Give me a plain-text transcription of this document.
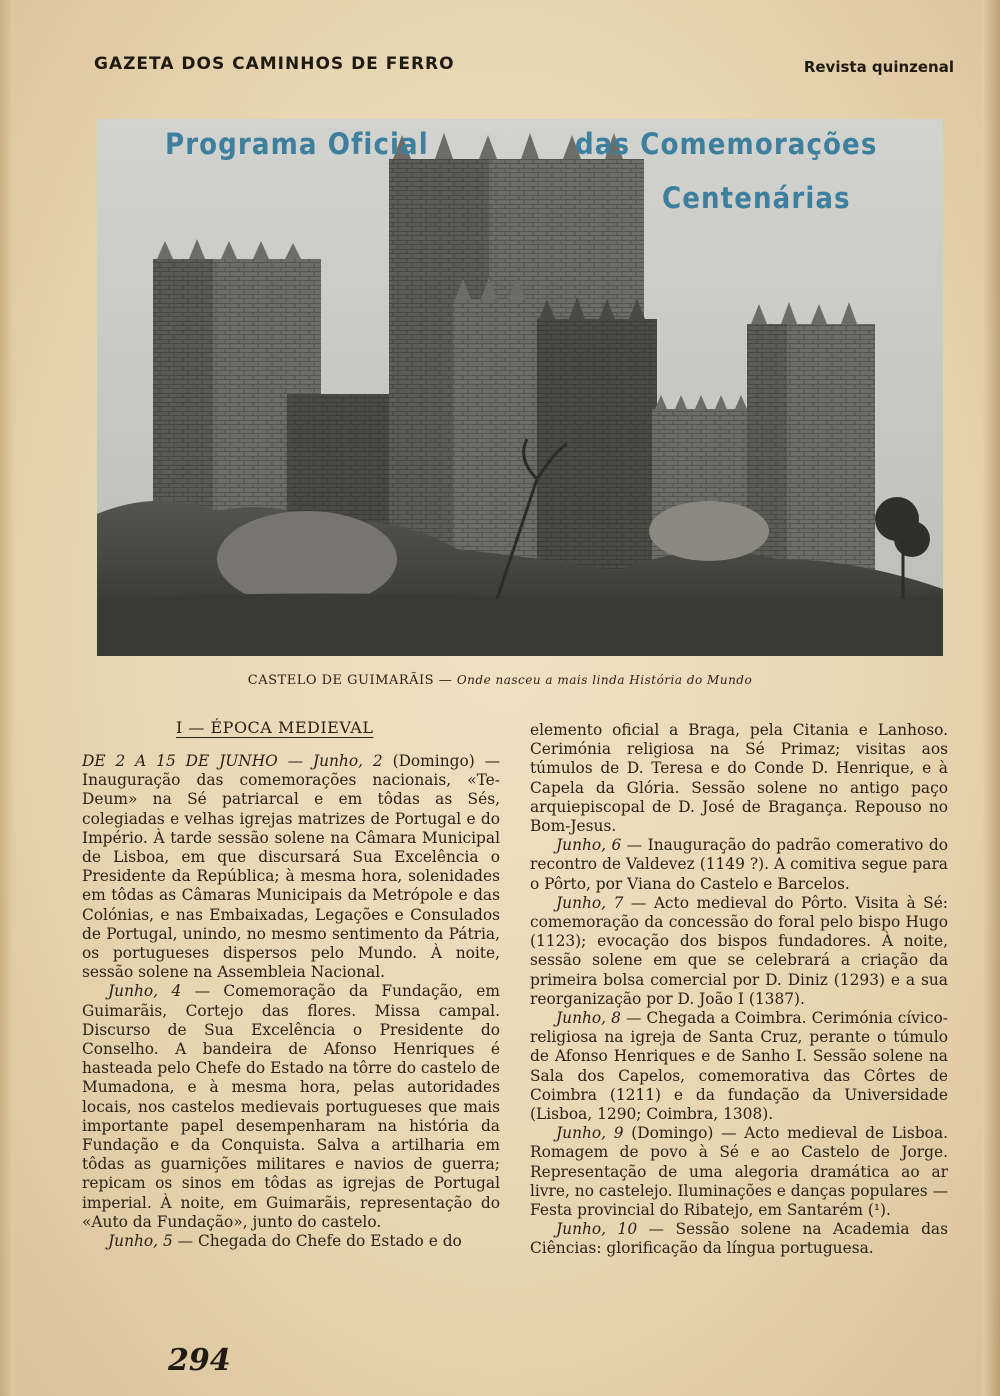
GAZETA DOS CAMINHOS DE FERRO	Revista quinzenal
Programa Oficial	das Comemorações
Centenárias
CASTELO DE GUIMARÃIS — Onde nasceu a mais linda História do Mundo
I — ÉPOCA MEDIEVAL

DE 2 A 15 DE JUNHO — Junho, 2 (Domingo) — Inauguração das comemorações nacionais, «Te-Deum» na Sé patriarcal e em tôdas as Sés, colegiadas e velhas igrejas matrizes de Portugal e do Império. À tarde sessão solene na Câmara Municipal de Lisboa, em que discursará Sua Excelência o Presidente da República; à mesma hora, solenidades em tôdas as Câmaras Municipais da Metrópole e das Colónias, e nas Embaixadas, Legações e Consulados de Portugal, unindo, no mesmo sentimento da Pátria, os portugueses dispersos pelo Mundo. À noite, sessão solene na Assembleia Nacional.

Junho, 4 — Comemoração da Fundação, em Guimarãis, Cortejo das flores. Missa campal. Discurso de Sua Excelência o Presidente do Conselho. A bandeira de Afonso Henriques é hasteada pelo Chefe do Estado na tôrre do castelo de Mumadona, e à mesma hora, pelas autoridades locais, nos castelos medievais portugueses que mais importante papel desempenharam na história da Fundação e da Conquista. Salva a artilharia em tôdas as guarnições militares e navios de guerra; repicam os sinos em tôdas as igrejas de Portugal imperial. À noite, em Guimarãis, representação do «Auto da Fundação», junto do castelo.

Junho, 5 — Chegada do Chefe do Estado e do

elemento oficial a Braga, pela Citania e Lanhoso. Cerimónia religiosa na Sé Primaz; visitas aos túmulos de D. Teresa e do Conde D. Henrique, e à Capela da Glória. Sessão solene no antigo paço arquiepiscopal de D. José de Bragança. Repouso no Bom-Jesus.

Junho, 6 — Inauguração do padrão comerativo do recontro de Valdevez (1149 ?). A comitiva segue para o Pôrto, por Viana do Castelo e Barcelos.

Junho, 7 — Acto medieval do Pôrto. Visita à Sé: comemoração da concessão do foral pelo bispo Hugo (1123); evocação dos bispos fundadores. À noite, sessão solene em que se celebrará a criação da primeira bolsa comercial por D. Diniz (1293) e a sua reorganização por D. João I (1387).

Junho, 8 — Chegada a Coimbra. Cerimónia cívico-religiosa na igreja de Santa Cruz, perante o túmulo de Afonso Henriques e de Sanho I. Sessão solene na Sala dos Capelos, comemorativa das Côrtes de Coimbra (1211) e da fundação da Universidade (Lisboa, 1290; Coimbra, 1308).

Junho, 9 (Domingo) — Acto medieval de Lisboa. Romagem de povo à Sé e ao Castelo de Jorge. Representação de uma alegoria dramática ao ar livre, no castelejo. Iluminações e danças populares — Festa provincial do Ribatejo, em Santarém (¹).

Junho, 10 — Sessão solene na Academia das Ciências: glorificação da língua portuguesa.

294
